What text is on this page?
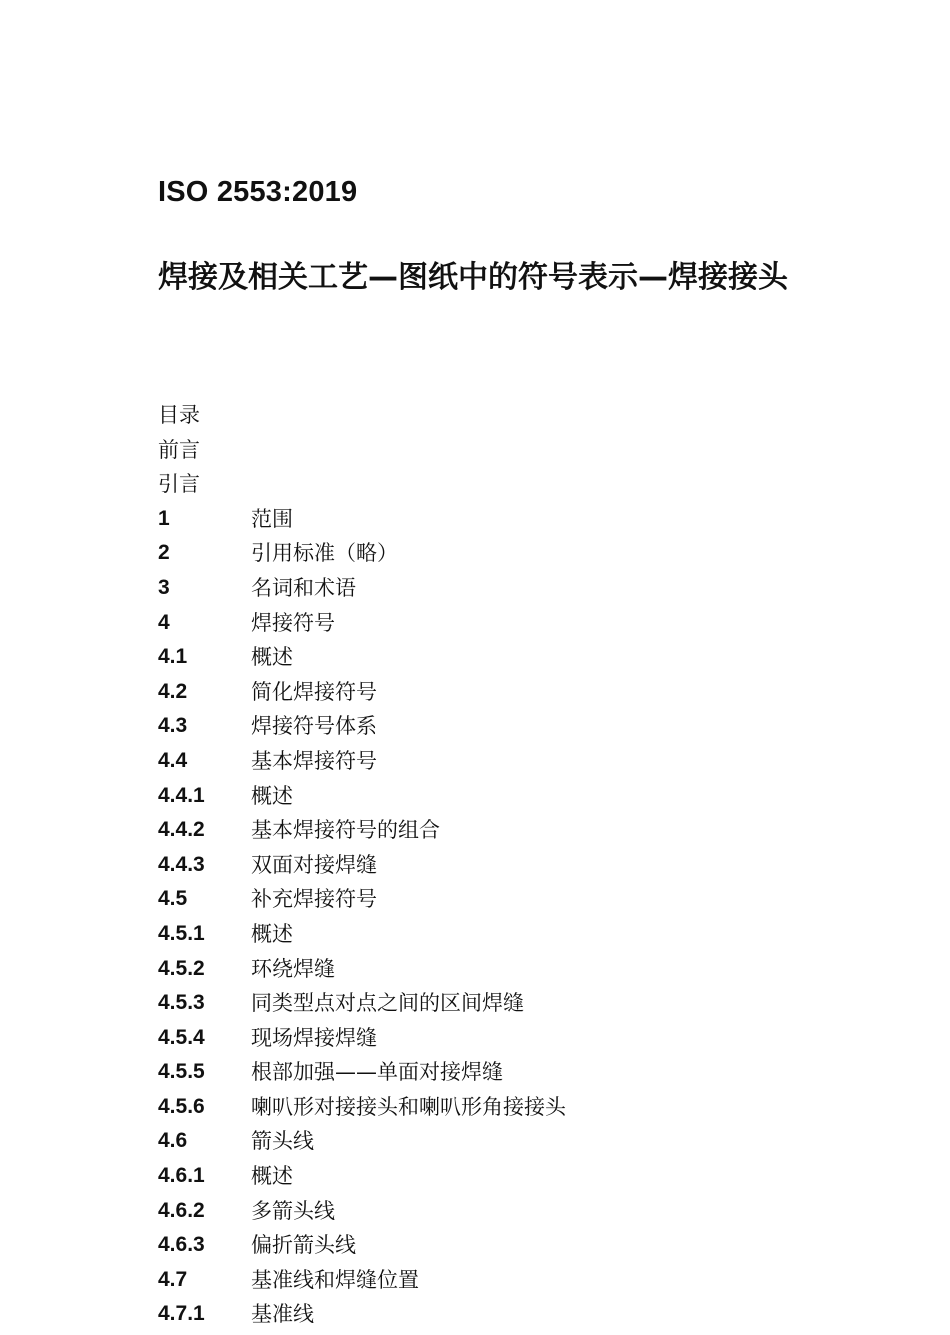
ISO 2553:2019
焊接及相关工艺—图纸中的符号表示—焊接接头
目录
前言
引言
1	范围
2	引用标准（略）
3	名词和术语
4	焊接符号
4.1	概述
4.2	简化焊接符号
4.3	焊接符号体系
4.4	基本焊接符号
4.4.1	概述
4.4.2	基本焊接符号的组合
4.4.3	双面对接焊缝
4.5	补充焊接符号
4.5.1	概述
4.5.2	环绕焊缝
4.5.3	同类型点对点之间的区间焊缝
4.5.4	现场焊接焊缝
4.5.5	根部加强——单面对接焊缝
4.5.6	喇叭形对接接头和喇叭形角接接头
4.6	箭头线
4.6.1	概述
4.6.2	多箭头线
4.6.3	偏折箭头线
4.7	基准线和焊缝位置
4.7.1	基准线
